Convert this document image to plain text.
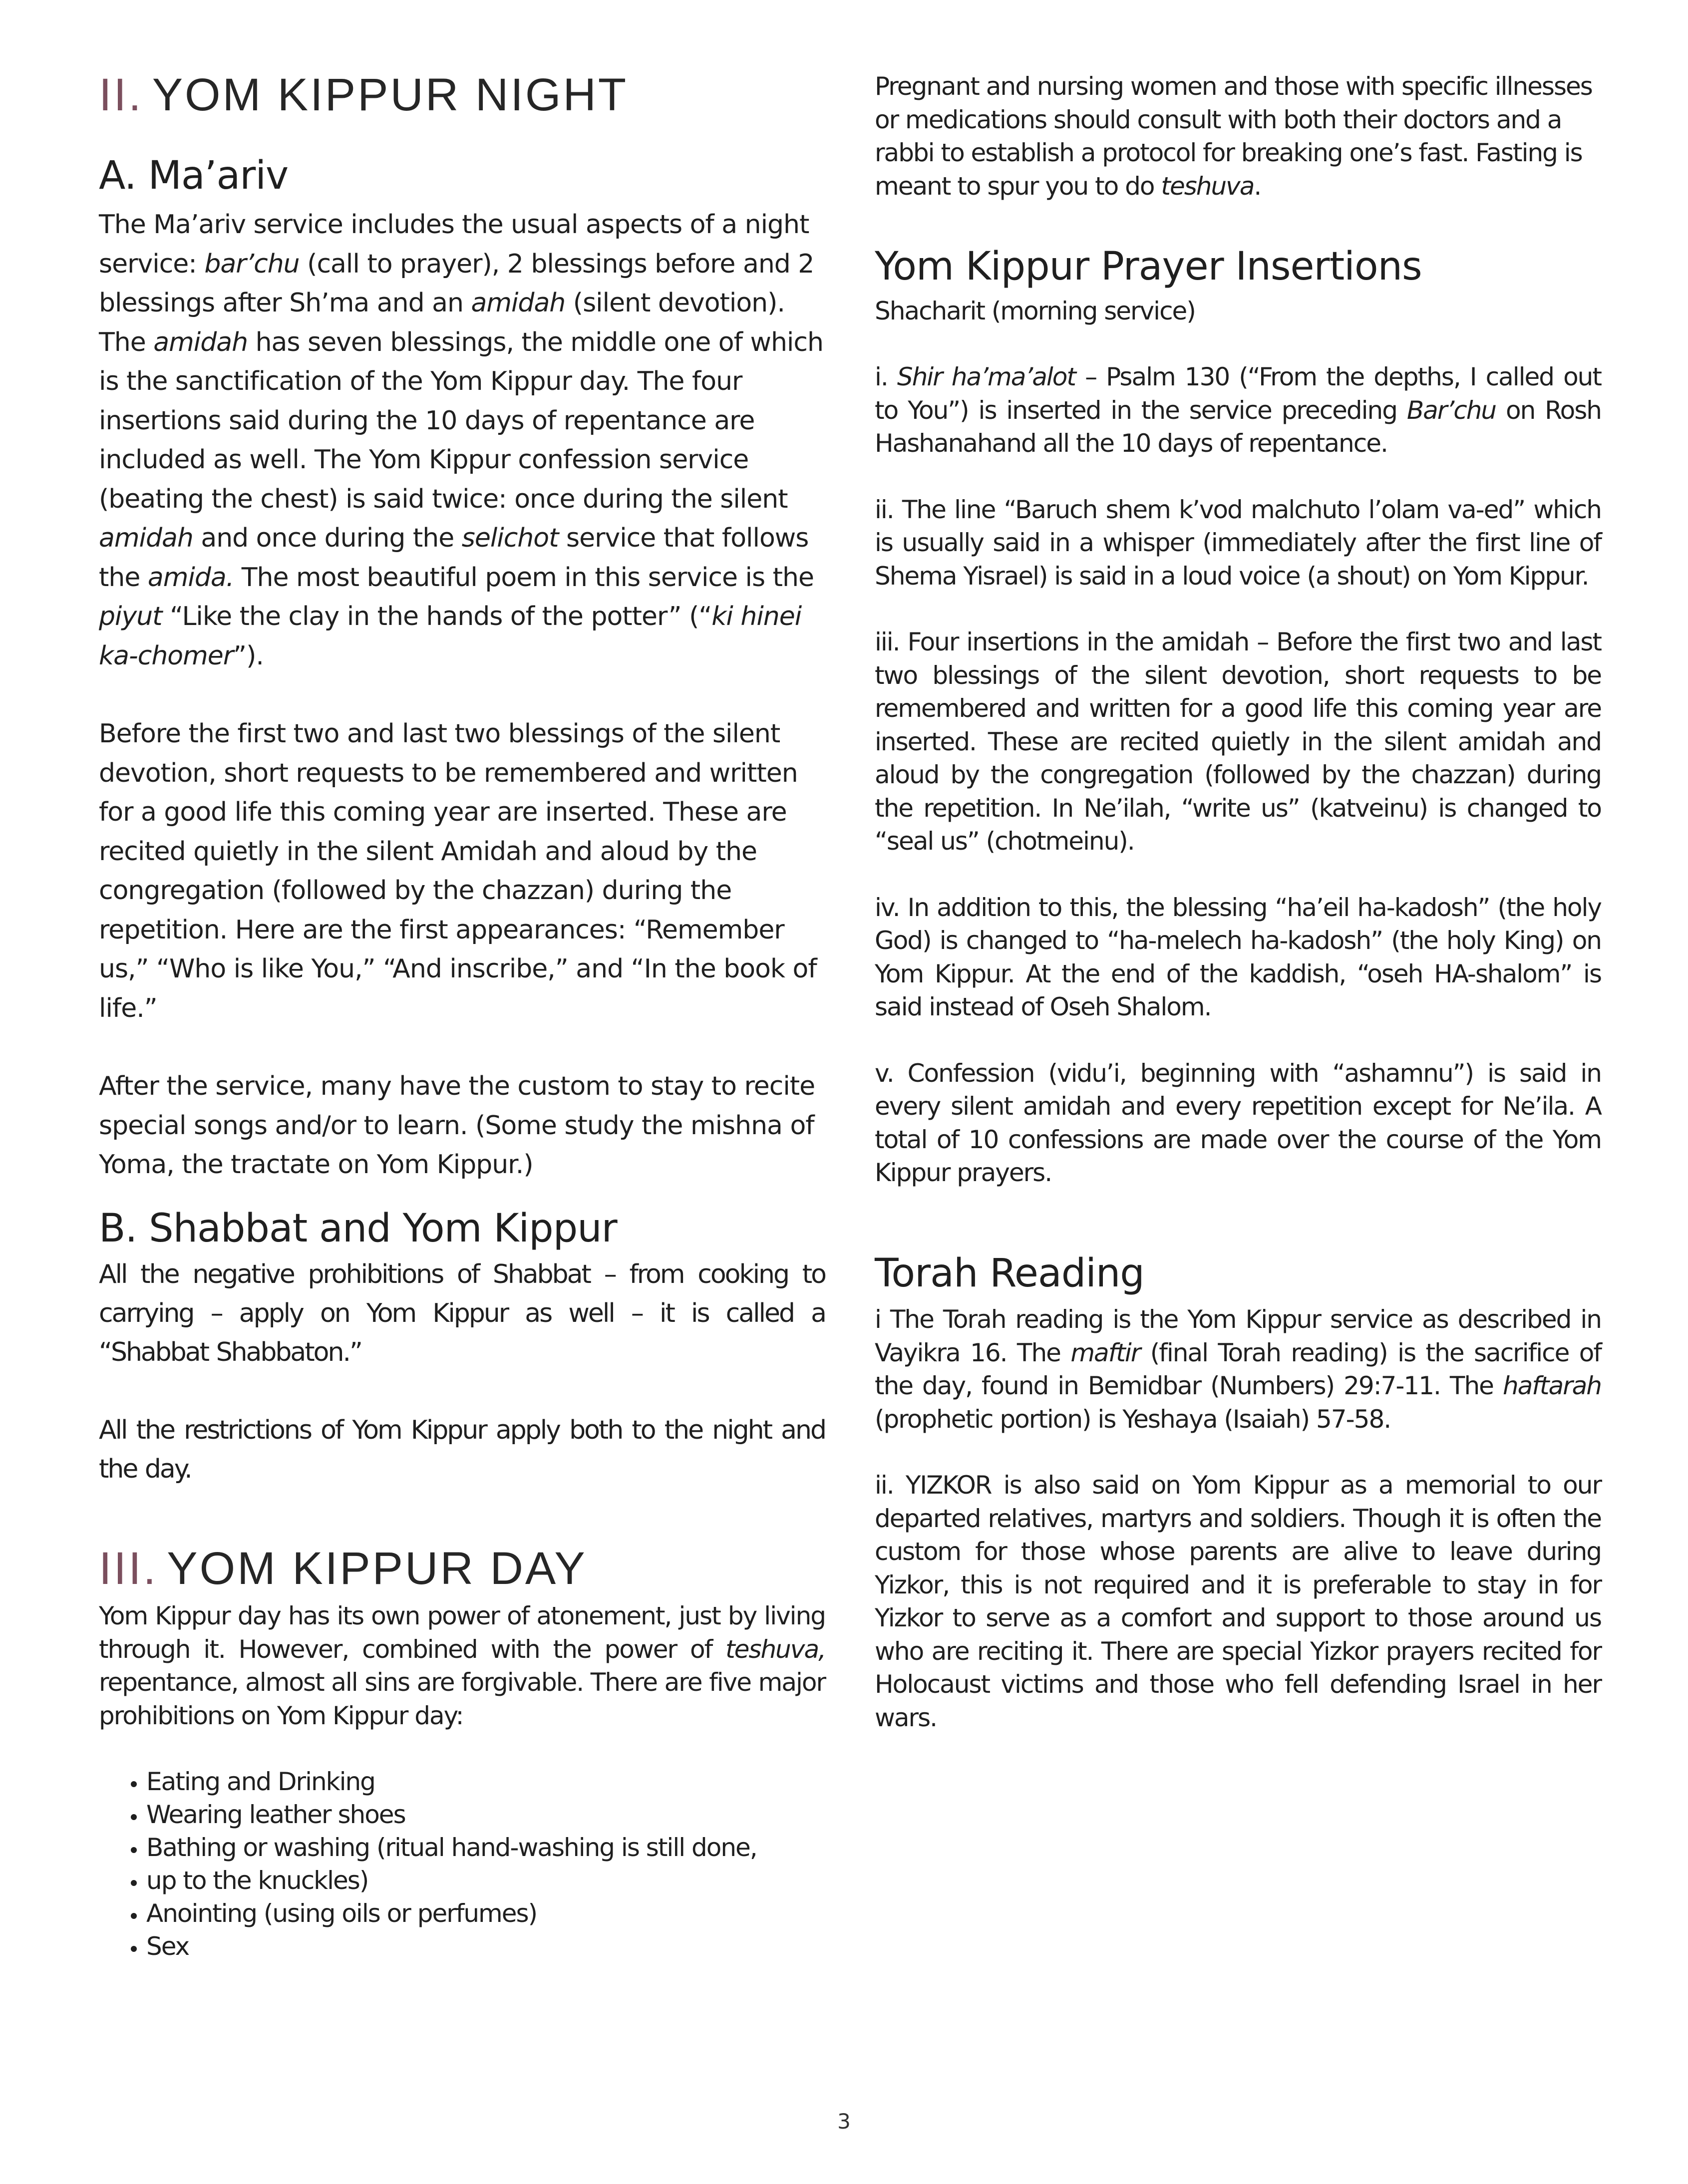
II. YOM KIPPUR NIGHT
A. Ma’ariv

The Ma’ariv service includes the usual aspects of a night service: bar’chu (call to prayer), 2 blessings before and 2 blessings after Sh’ma and an amidah (silent devotion). The amidah has seven blessings, the middle one of which is the sanctification of the Yom Kippur day. The four insertions said during the 10 days of repentance are included as well. The Yom Kippur confession service (beating the chest) is said twice: once during the silent amidah and once during the selichot service that follows the amida. The most beautiful poem in this service is the piyut “Like the clay in the hands of the potter” (“ki hinei ka-chomer”).

Before the first two and last two blessings of the silent devotion, short requests to be remembered and written for a good life this coming year are inserted. These are recited quietly in the silent Amidah and aloud by the congregation (followed by the chazzan) during the repetition. Here are the first appearances: “Remember us,” “Who is like You,” “And inscribe,” and “In the book of life.”

After the service, many have the custom to stay to recite special songs and/or to learn. (Some study the mishna of Yoma, the tractate on Yom Kippur.)

B. Shabbat and Yom Kippur

All the negative prohibitions of Shabbat – from cooking to carrying – apply on Yom Kippur as well – it is called a “Shabbat Shabbaton.”

All the restrictions of Yom Kippur apply both to the night and the day.

III. YOM KIPPUR DAY

Yom Kippur day has its own power of atonement, just by living through it. However, combined with the power of teshuva, repentance, almost all sins are forgivable. There are five major prohibitions on Yom Kippur day:

• Eating and Drinking
• Wearing leather shoes
• Bathing or washing (ritual hand-washing is still done,
• up to the knuckles)
• Anointing (using oils or perfumes)
• Sex

Pregnant and nursing women and those with specific illnesses or medications should consult with both their doctors and a rabbi to establish a protocol for breaking one’s fast. Fasting is meant to spur you to do teshuva.

Yom Kippur Prayer Insertions

Shacharit (morning service)

i. Shir ha’ma’alot – Psalm 130 (“From the depths, I called out to You”) is inserted in the service preceding Bar’chu on Rosh Hashanahand all the 10 days of repentance.

ii. The line “Baruch shem k’vod malchuto l’olam va-ed” which is usually said in a whisper (immediately after the first line of Shema Yisrael) is said in a loud voice (a shout) on Yom Kippur.

iii. Four insertions in the amidah – Before the first two and last two blessings of the silent devotion, short requests to be remembered and written for a good life this coming year are inserted. These are recited quietly in the silent amidah and aloud by the congregation (followed by the chazzan) during the repetition. In Ne’ilah, “write us” (katveinu) is changed to “seal us” (chotmeinu).

iv. In addition to this, the blessing “ha’eil ha-kadosh” (the holy God) is changed to “ha-melech ha-kadosh” (the holy King) on Yom Kippur. At the end of the kaddish, “oseh HA-shalom” is said instead of Oseh Shalom.

v. Confession (vidu’i, beginning with “ashamnu”) is said in every silent amidah and every repetition except for Ne’ila. A total of 10 confessions are made over the course of the Yom Kippur prayers.

Torah Reading

i The Torah reading is the Yom Kippur service as described in Vayikra 16. The maftir (final Torah reading) is the sacrifice of the day, found in Bemidbar (Numbers) 29:7-11. The haftarah (prophetic portion) is Yeshaya (Isaiah) 57-58.

ii. YIZKOR is also said on Yom Kippur as a memorial to our departed relatives, martyrs and soldiers. Though it is often the custom for those whose parents are alive to leave during Yizkor, this is not required and it is preferable to stay in for Yizkor to serve as a comfort and support to those around us who are reciting it. There are special Yizkor prayers recited for Holocaust victims and those who fell defending Israel in her wars.

3
